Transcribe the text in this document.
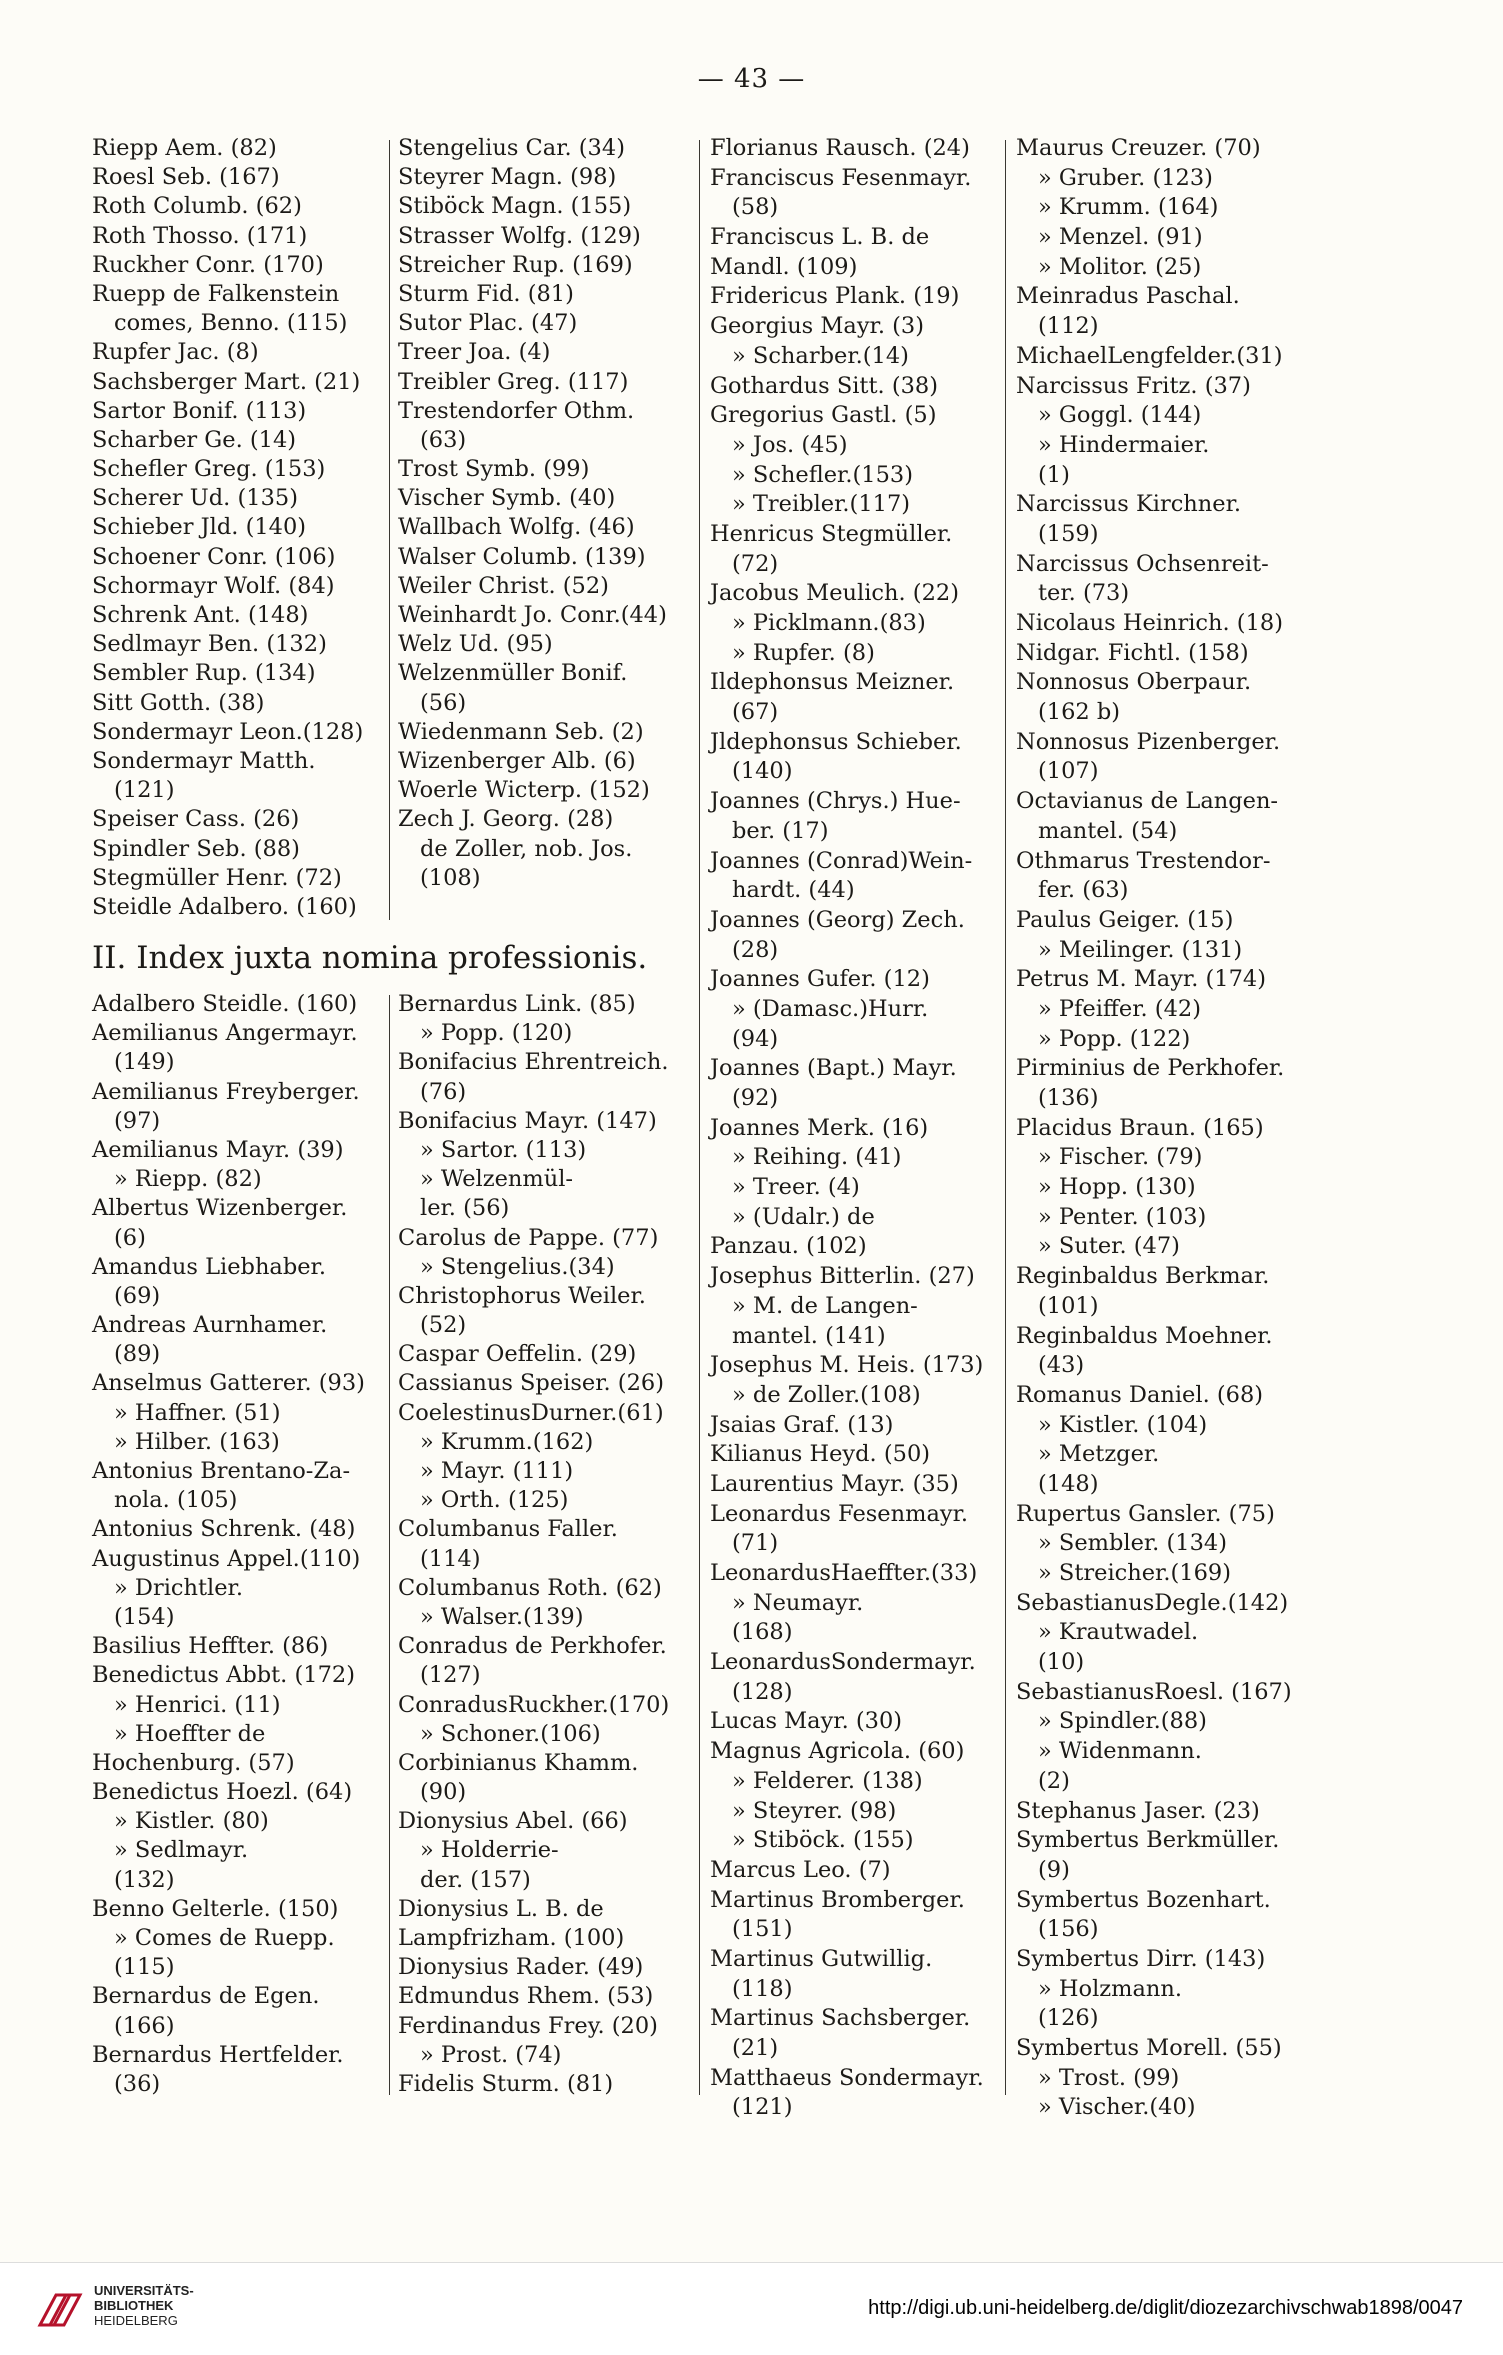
— 43 —
Riepp Aem. (82)
Roesl Seb. (167)
Roth Columb. (62)
Roth Thosso. (171)
Ruckher Conr. (170)
Ruepp de Falkenstein
comes, Benno. (115)
Rupfer Jac. (8)
Sachsberger Mart. (21)
Sartor Bonif. (113)
Scharber Ge. (14)
Schefler Greg. (153)
Scherer Ud. (135)
Schieber Jld. (140)
Schoener Conr. (106)
Schormayr Wolf. (84)
Schrenk Ant. (148)
Sedlmayr Ben. (132)
Sembler Rup. (134)
Sitt Gotth. (38)
Sondermayr Leon.(128)
Sondermayr Matth.
(121)
Speiser Cass. (26)
Spindler Seb. (88)
Stegmüller Henr. (72)
Steidle Adalbero. (160)
Stengelius Car. (34)
Steyrer Magn. (98)
Stiböck Magn. (155)
Strasser Wolfg. (129)
Streicher Rup. (169)
Sturm Fid. (81)
Sutor Plac. (47)
Treer Joa. (4)
Treibler Greg. (117)
Trestendorfer Othm.
(63)
Trost Symb. (99)
Vischer Symb. (40)
Wallbach Wolfg. (46)
Walser Columb. (139)
Weiler Christ. (52)
Weinhardt Jo. Conr.(44)
Welz Ud. (95)
Welzenmüller Bonif.
(56)
Wiedenmann Seb. (2)
Wizenberger Alb. (6)
Woerle Wicterp. (152)
Zech J. Georg. (28)
de Zoller, nob. Jos.
(108)
II. Index juxta nomina professionis.
Adalbero Steidle. (160)
Aemilianus Angermayr.
(149)
Aemilianus Freyberger.
(97)
Aemilianus Mayr. (39)
» Riepp. (82)
Albertus Wizenberger.
(6)
Amandus Liebhaber.
(69)
Andreas Aurnhamer.
(89)
Anselmus Gatterer. (93)
» Haffner. (51)
» Hilber. (163)
Antonius Brentano-Za-
nola. (105)
Antonius Schrenk. (48)
Augustinus Appel.(110)
» Drichtler.
(154)
Basilius Heffter. (86)
Benedictus Abbt. (172)
» Henrici. (11)
» Hoeffter de
Hochenburg. (57)
Benedictus Hoezl. (64)
» Kistler. (80)
» Sedlmayr.
(132)
Benno Gelterle. (150)
» Comes de Ruepp.
(115)
Bernardus de Egen.
(166)
Bernardus Hertfelder.
(36)
Bernardus Link. (85)
» Popp. (120)
Bonifacius Ehrentreich.
(76)
Bonifacius Mayr. (147)
» Sartor. (113)
» Welzenmül-
ler. (56)
Carolus de Pappe. (77)
» Stengelius.(34)
Christophorus Weiler.
(52)
Caspar Oeffelin. (29)
Cassianus Speiser. (26)
CoelestinusDurner.(61)
» Krumm.(162)
» Mayr. (111)
» Orth. (125)
Columbanus Faller.
(114)
Columbanus Roth. (62)
» Walser.(139)
Conradus de Perkhofer.
(127)
ConradusRuckher.(170)
» Schoner.(106)
Corbinianus Khamm.
(90)
Dionysius Abel. (66)
» Holderrie-
der. (157)
Dionysius L. B. de
Lampfrizham. (100)
Dionysius Rader. (49)
Edmundus Rhem. (53)
Ferdinandus Frey. (20)
» Prost. (74)
Fidelis Sturm. (81)
Florianus Rausch. (24)
Franciscus Fesenmayr.
(58)
Franciscus L. B. de
Mandl. (109)
Fridericus Plank. (19)
Georgius Mayr. (3)
» Scharber.(14)
Gothardus Sitt. (38)
Gregorius Gastl. (5)
» Jos. (45)
» Schefler.(153)
» Treibler.(117)
Henricus Stegmüller.
(72)
Jacobus Meulich. (22)
» Picklmann.(83)
» Rupfer. (8)
Ildephonsus Meizner.
(67)
Jldephonsus Schieber.
(140)
Joannes (Chrys.) Hue-
ber. (17)
Joannes (Conrad)Wein-
hardt. (44)
Joannes (Georg) Zech.
(28)
Joannes Gufer. (12)
» (Damasc.)Hurr.
(94)
Joannes (Bapt.) Mayr.
(92)
Joannes Merk. (16)
» Reihing. (41)
» Treer. (4)
» (Udalr.) de
Panzau. (102)
Josephus Bitterlin. (27)
» M. de Langen-
mantel. (141)
Josephus M. Heis. (173)
» de Zoller.(108)
Jsaias Graf. (13)
Kilianus Heyd. (50)
Laurentius Mayr. (35)
Leonardus Fesenmayr.
(71)
LeonardusHaeffter.(33)
» Neumayr.
(168)
LeonardusSondermayr.
(128)
Lucas Mayr. (30)
Magnus Agricola. (60)
» Felderer. (138)
» Steyrer. (98)
» Stiböck. (155)
Marcus Leo. (7)
Martinus Bromberger.
(151)
Martinus Gutwillig.
(118)
Martinus Sachsberger.
(21)
Matthaeus Sondermayr.
(121)
Maurus Creuzer. (70)
» Gruber. (123)
» Krumm. (164)
» Menzel. (91)
» Molitor. (25)
Meinradus Paschal.
(112)
MichaelLengfelder.(31)
Narcissus Fritz. (37)
» Goggl. (144)
» Hindermaier.
(1)
Narcissus Kirchner.
(159)
Narcissus Ochsenreit-
ter. (73)
Nicolaus Heinrich. (18)
Nidgar. Fichtl. (158)
Nonnosus Oberpaur.
(162 b)
Nonnosus Pizenberger.
(107)
Octavianus de Langen-
mantel. (54)
Othmarus Trestendor-
fer. (63)
Paulus Geiger. (15)
» Meilinger. (131)
Petrus M. Mayr. (174)
» Pfeiffer. (42)
» Popp. (122)
Pirminius de Perkhofer.
(136)
Placidus Braun. (165)
» Fischer. (79)
» Hopp. (130)
» Penter. (103)
» Suter. (47)
Reginbaldus Berkmar.
(101)
Reginbaldus Moehner.
(43)
Romanus Daniel. (68)
» Kistler. (104)
» Metzger.
(148)
Rupertus Gansler. (75)
» Sembler. (134)
» Streicher.(169)
SebastianusDegle.(142)
» Krautwadel.
(10)
SebastianusRoesl. (167)
» Spindler.(88)
» Widenmann.
(2)
Stephanus Jaser. (23)
Symbertus Berkmüller.
(9)
Symbertus Bozenhart.
(156)
Symbertus Dirr. (143)
» Holzmann.
(126)
Symbertus Morell. (55)
» Trost. (99)
» Vischer.(40)
UNIVERSITÄTS-
BIBLIOTHEK
HEIDELBERG
http://digi.ub.uni-heidelberg.de/diglit/diozezarchivschwab1898/0047
